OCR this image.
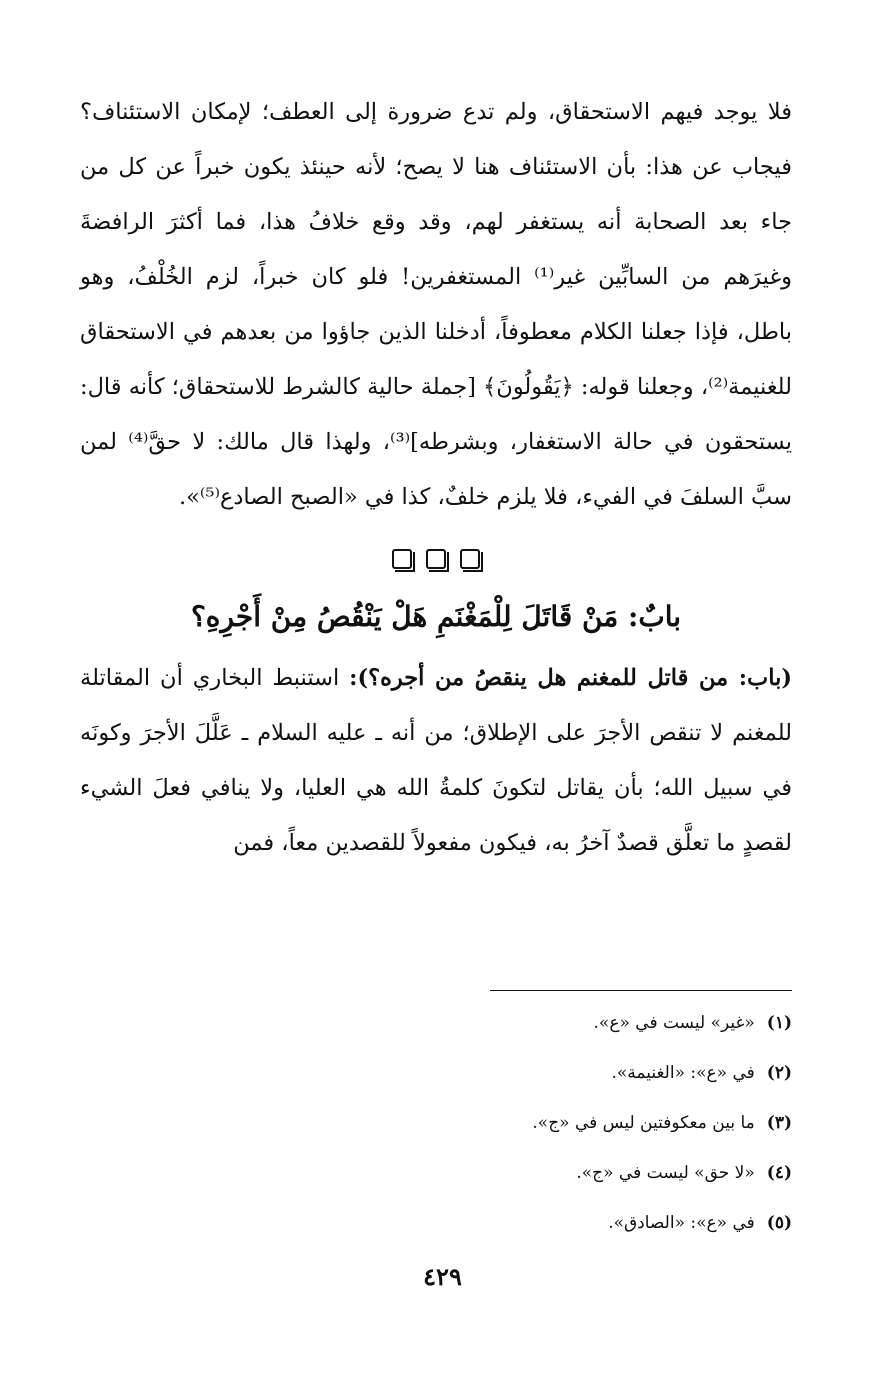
فلا يوجد فيهم الاستحقاق، ولم تدع ضرورة إلى العطف؛ لإمكان الاستئناف؟ فيجاب عن هذا: بأن الاستئناف هنا لا يصح؛ لأنه حينئذ يكون خبراً عن كل من جاء بعد الصحابة أنه يستغفر لهم، وقد وقع خلافُ هذا، فما أكثرَ الرافضةَ وغيرَهم من السابِّين غير⁽¹⁾ المستغفرين! فلو كان خبراً، لزم الخُلْفُ، وهو باطل، فإذا جعلنا الكلام معطوفاً، أدخلنا الذين جاؤوا من بعدهم في الاستحقاق للغنيمة⁽²⁾، وجعلنا قوله: ﴿يَقُولُونَ﴾ [جملة حالية كالشرط للاستحقاق؛ كأنه قال: يستحقون في حالة الاستغفار، وبشرطه]⁽³⁾، ولهذا قال مالك: لا حقَّ⁽⁴⁾ لمن سبَّ السلفَ في الفيء، فلا يلزم خلفٌ، كذا في «الصبح الصادع⁽⁵⁾».

بابٌ: مَنْ قَاتَلَ لِلْمَغْنَمِ هَلْ يَنْقُصُ مِنْ أَجْرِهِ؟

(باب: من قاتل للمغنم هل ينقصُ من أجره؟): استنبط البخاري أن المقاتلة للمغنم لا تنقص الأجرَ على الإطلاق؛ من أنه ـ عليه السلام ـ عَلَّلَ الأجرَ وكونَه في سبيل الله؛ بأن يقاتل لتكونَ كلمةُ الله هي العليا، ولا ينافي فعلَ الشيء لقصدٍ ما تعلَّق قصدٌ آخرُ به، فيكون مفعولاً للقصدين معاً، فمن

(١)
«غير» ليست في «ع».
(٢)
في «ع»: «الغنيمة».
(٣)
ما بين معكوفتين ليس في «ج».
(٤)
«لا حق» ليست في «ج».
(٥)
في «ع»: «الصادق».
٤٢٩
